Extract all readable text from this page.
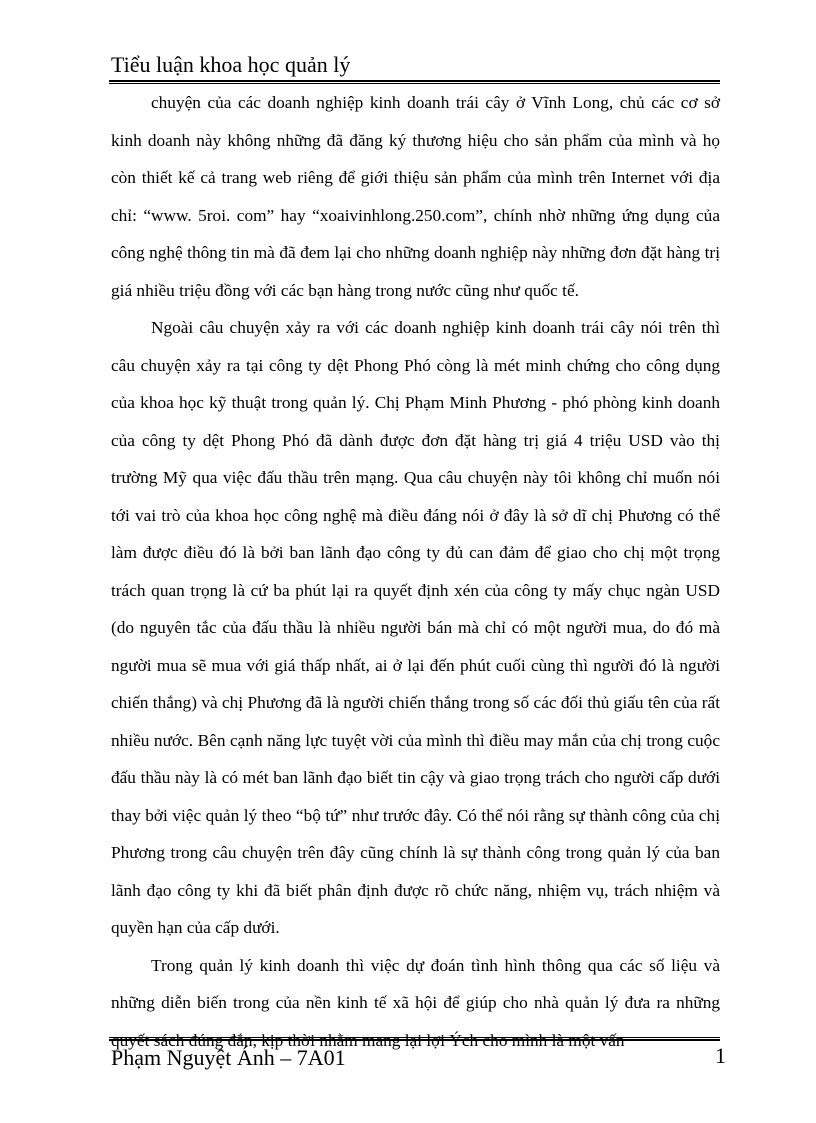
Tiểu luận khoa học quản lý

chuyện của các doanh nghiệp kinh doanh trái cây ở Vĩnh Long, chủ các cơ sở kinh doanh này không những đã đăng ký thương hiệu cho sản phẩm của mình và họ còn thiết kế cả trang web riêng để giới thiệu sản phẩm của mình trên Internet với địa chỉ: “www. 5roi. com” hay “xoaivinhlong.250.com”, chính nhờ những ứng dụng của công nghệ thông tin mà đã đem lại cho những doanh nghiệp này những đơn đặt hàng trị giá nhiều triệu đồng với các bạn hàng trong nước cũng như quốc tế.

Ngoài câu chuyện xảy ra với các doanh nghiệp kinh doanh trái cây nói trên thì câu chuyện xảy ra tại công ty dệt Phong Phó còng là mét minh chứng cho công dụng của khoa học kỹ thuật trong quản lý. Chị Phạm Minh Phương - phó phòng kinh doanh của công ty dệt Phong Phó đã dành được đơn đặt hàng trị giá 4 triệu USD vào thị trường Mỹ qua việc đấu thầu trên mạng. Qua câu chuyện này tôi không chỉ muốn nói tới vai trò của khoa học công nghệ mà điều đáng nói ở đây là sở dĩ chị Phương có thể làm được điều đó là bởi ban lãnh đạo công ty đủ can đảm để giao cho chị một trọng trách quan trọng là cứ ba phút lại ra quyết định xén của công ty mấy chục ngàn USD (do nguyên tắc của đấu thầu là nhiều người bán mà chỉ có một người mua, do đó mà người mua sẽ mua với giá thấp nhất, ai ở lại đến phút cuối cùng thì người đó là người chiến thắng) và chị Phương đã là người chiến thắng trong số các đối thủ giấu tên của rất nhiều nước. Bên cạnh năng lực tuyệt vời của mình thì điều may mắn của chị trong cuộc đấu thầu này là có mét ban lãnh đạo biết tin cậy và giao trọng trách cho người cấp dưới thay bởi việc quản lý theo “bộ tứ” như trước đây. Có thể nói rằng sự thành công của chị Phương trong câu chuyện trên đây cũng chính là sự thành công trong quản lý của ban lãnh đạo công ty khi đã biết phân định được rõ chức năng, nhiệm vụ, trách nhiệm và quyền hạn của cấp dưới.

Trong quản lý kinh doanh thì việc dự đoán tình hình thông qua các số liệu và những diễn biến trong của nền kinh tế xã hội để giúp cho nhà quản lý đưa ra những quyết sách đúng đắn, kịp thời nhằm mang lại lợi Ých cho mình là một vấn

Phạm Nguyệt Ánh – 7A01	1
